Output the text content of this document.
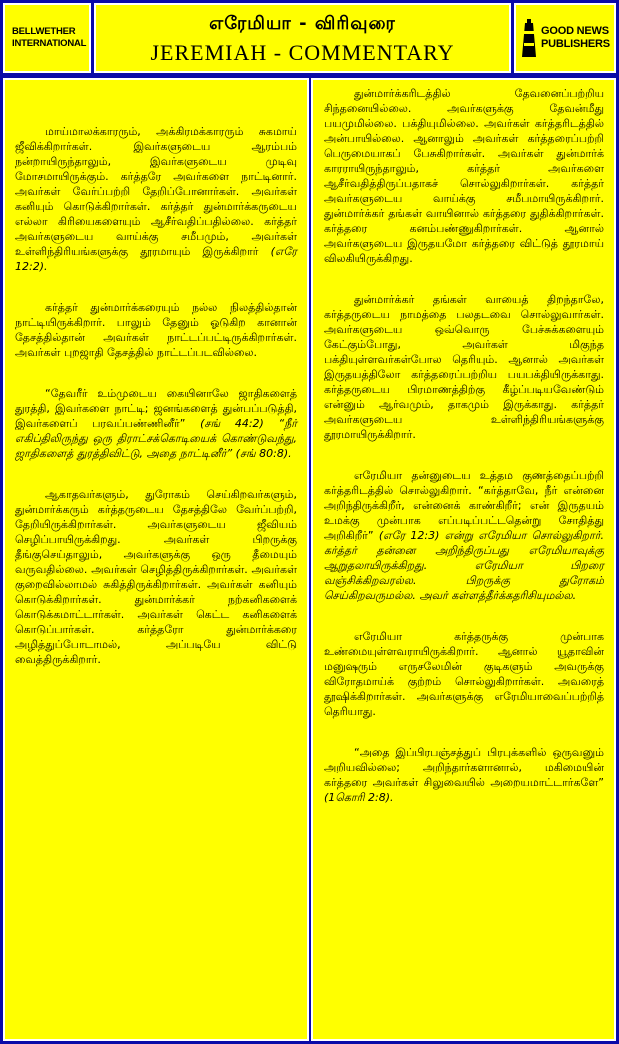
BELLWETHER
INTERNATIONAL
எரேமியா - விரிவுரை
JEREMIAH - COMMENTARY
GOOD NEWS
PUBLISHERS

மாய்மாலக்காரரும், அக்கிரமக்காரரும் சுகமாய் ஜீவிக்கிறார்கள். இவர்களுடைய ஆரம்பம் நன்றாயிருந்தாலும், இவர்களுடைய முடிவு மோசமாயிருக்கும். கர்த்தரே அவர்களை நாட்டினார். அவர்கள் வேர்ப்பற்றி தேறிப்போனார்கள். அவர்கள் கனியும் கொடுக்கிறார்கள். கர்த்தர் துன்மார்க்கருடைய எல்லா கிரியைகளையும் ஆசீர்வதிப்பதில்லை. கர்த்தர் அவர்களுடைய வாய்க்கு சமீபமும், அவர்கள் உள்ளிந்திரியங்களுக்கு தூரமாயும் இருக்கிறார் (எரே 12:2).

கர்த்தர் துன்மார்க்கரையும் நல்ல நிலத்தில்தான் நாட்டியிருக்கிறார். பாலும் தேனும் ஓடுகிற கானான் தேசத்தில்தான் அவர்கள் நாட்டப்பட்டிருக்கிறார்கள். அவர்கள் புறஜாதி தேசத்தில் நாட்டப்படவில்லை.

“தேவரீர் உம்முடைய கையினாலே ஜாதிகளைத் துரத்தி, இவர்களை நாட்டி; ஜனங்களைத் துன்பப்படுத்தி, இவர்களைப் பரவப்பண்ணினீர்” (சங் 44:2) “நீர் எகிப்திலிருந்து ஒரு திராட்சக்கொடியைக் கொண்டுவந்து, ஜாதிகளைத் துரத்திவிட்டு, அதை நாட்டினீர்” (சங் 80:8).

ஆகாதவர்களும், துரோகம் செய்கிறவர்களும், துன்மார்க்கரும் கர்த்தருடைய தேசத்திலே வேர்ப்பற்றி, தேறியிருக்கிறார்கள். அவர்களுடைய ஜீவியம் செழிப்பாயிருக்கிறது. அவர்கள் பிறருக்கு தீங்குசெய்தாலும், அவர்களுக்கு ஒரு தீமையும் வருவதில்லை. அவர்கள் செழித்திருக்கிறார்கள். அவர்கள் குறைவில்லாமல் சுகித்திருக்கிறார்கள். அவர்கள் கனியும் கொடுக்கிறார்கள். துன்மார்க்கர் நற்கனிகளைக் கொடுக்கமாட்டார்கள். அவர்கள் கெட்ட கனிகளைக் கொடுப்பார்கள். கர்த்தரோ துன்மார்க்கரை அழித்துப்போடாமல், அப்படியே விட்டு வைத்திருக்கிறார்.

துன்மார்க்கரிடத்தில் தேவனைப்பற்றிய சிந்தனையில்லை. அவர்களுக்கு தேவன்மீது பயமுமில்லை. பக்தியுமில்லை. அவர்கள் கர்த்தரிடத்தில் அன்பாயில்லை. ஆனாலும் அவர்கள் கர்த்தரைப்பற்றி பெருமையாகப் பேசுகிறார்கள். அவர்கள் துன்மார்க் காரராயிருந்தாலும், கர்த்தர் அவர்களை ஆசீர்வதித்திருப்பதாகச் சொல்லுகிறார்கள். கர்த்தர் அவர்களுடைய வாய்க்கு சமீபமாயிருக்கிறார். துன்மார்க்கர் தங்கள் வாயினால் கர்த்தரை துதிக்கிறார்கள். கர்த்தரை கனம்பண்ணுகிறார்கள். ஆனால் அவர்களுடைய இருதயமோ கர்த்தரை விட்டுத் தூரமாய் விலகியிருக்கிறது.

துன்மார்க்கர் தங்கள் வாயைத் திறந்தாலே, கர்த்தருடைய நாமத்தை பலதடவை சொல்லுவார்கள். அவர்களுடைய ஒவ்வொரு பேச்சுக்களையும் கேட்கும்போது, அவர்கள் மிகுந்த பக்தியுள்ளவர்கள்போல தெரியும். ஆனால் அவர்கள் இருதயத்திலோ கர்த்தரைப்பற்றிய பயபக்தியிருக்காது. கர்த்தருடைய பிரமாணத்திற்கு கீழ்ப்படியவேண்டும் என்னும் ஆர்வமும், தாகமும் இருக்காது. கர்த்தர் அவர்களுடைய உள்ளிந்திரியங்களுக்கு தூரமாயிருக்கிறார்.

எரேமியா தன்னுடைய உத்தம குணத்தைப்பற்றி கர்த்தரிடத்தில் சொல்லுகிறார். “கர்த்தாவே, நீர் என்னை அறிந்திருக்கிறீர், என்னைக் காண்கிறீர்; என் இருதயம் உமக்கு முன்பாக எப்படிப்பட்டதென்று சோதித்து அறிகிறீர்” (எரே 12:3) என்று எரேமியா சொல்லுகிறார். கர்த்தர் தன்னை அறிந்திருப்பது எரேமியாவுக்கு ஆறுதலாயிருக்கிறது. எரேமியா பிறரை வஞ்சிக்கிறவரல்ல. பிறருக்கு துரோகம் செய்கிறவருமல்ல. அவர் கள்ளத்தீர்க்கதரிசியுமல்ல.

எரேமியா கர்த்தருக்கு முன்பாக உண்மையுள்ளவராயிருக்கிறார். ஆனால் யூதாவின் மனுஷரும் எருசலேமின் குடிகளும் அவருக்கு விரோதமாய்க் குற்றம் சொல்லுகிறார்கள். அவரைத் தூஷிக்கிறார்கள். அவர்களுக்கு எரேமியாவைப்பற்றித் தெரியாது.

“அதை இப்பிரபஞ்சத்துப் பிரபுக்களில் ஒருவனும் அறியவில்லை; அறிந்தார்களானால், மகிமையின் கர்த்தரை அவர்கள் சிலுவையில் அறையமாட்டார்களே” (1கொரி 2:8).
